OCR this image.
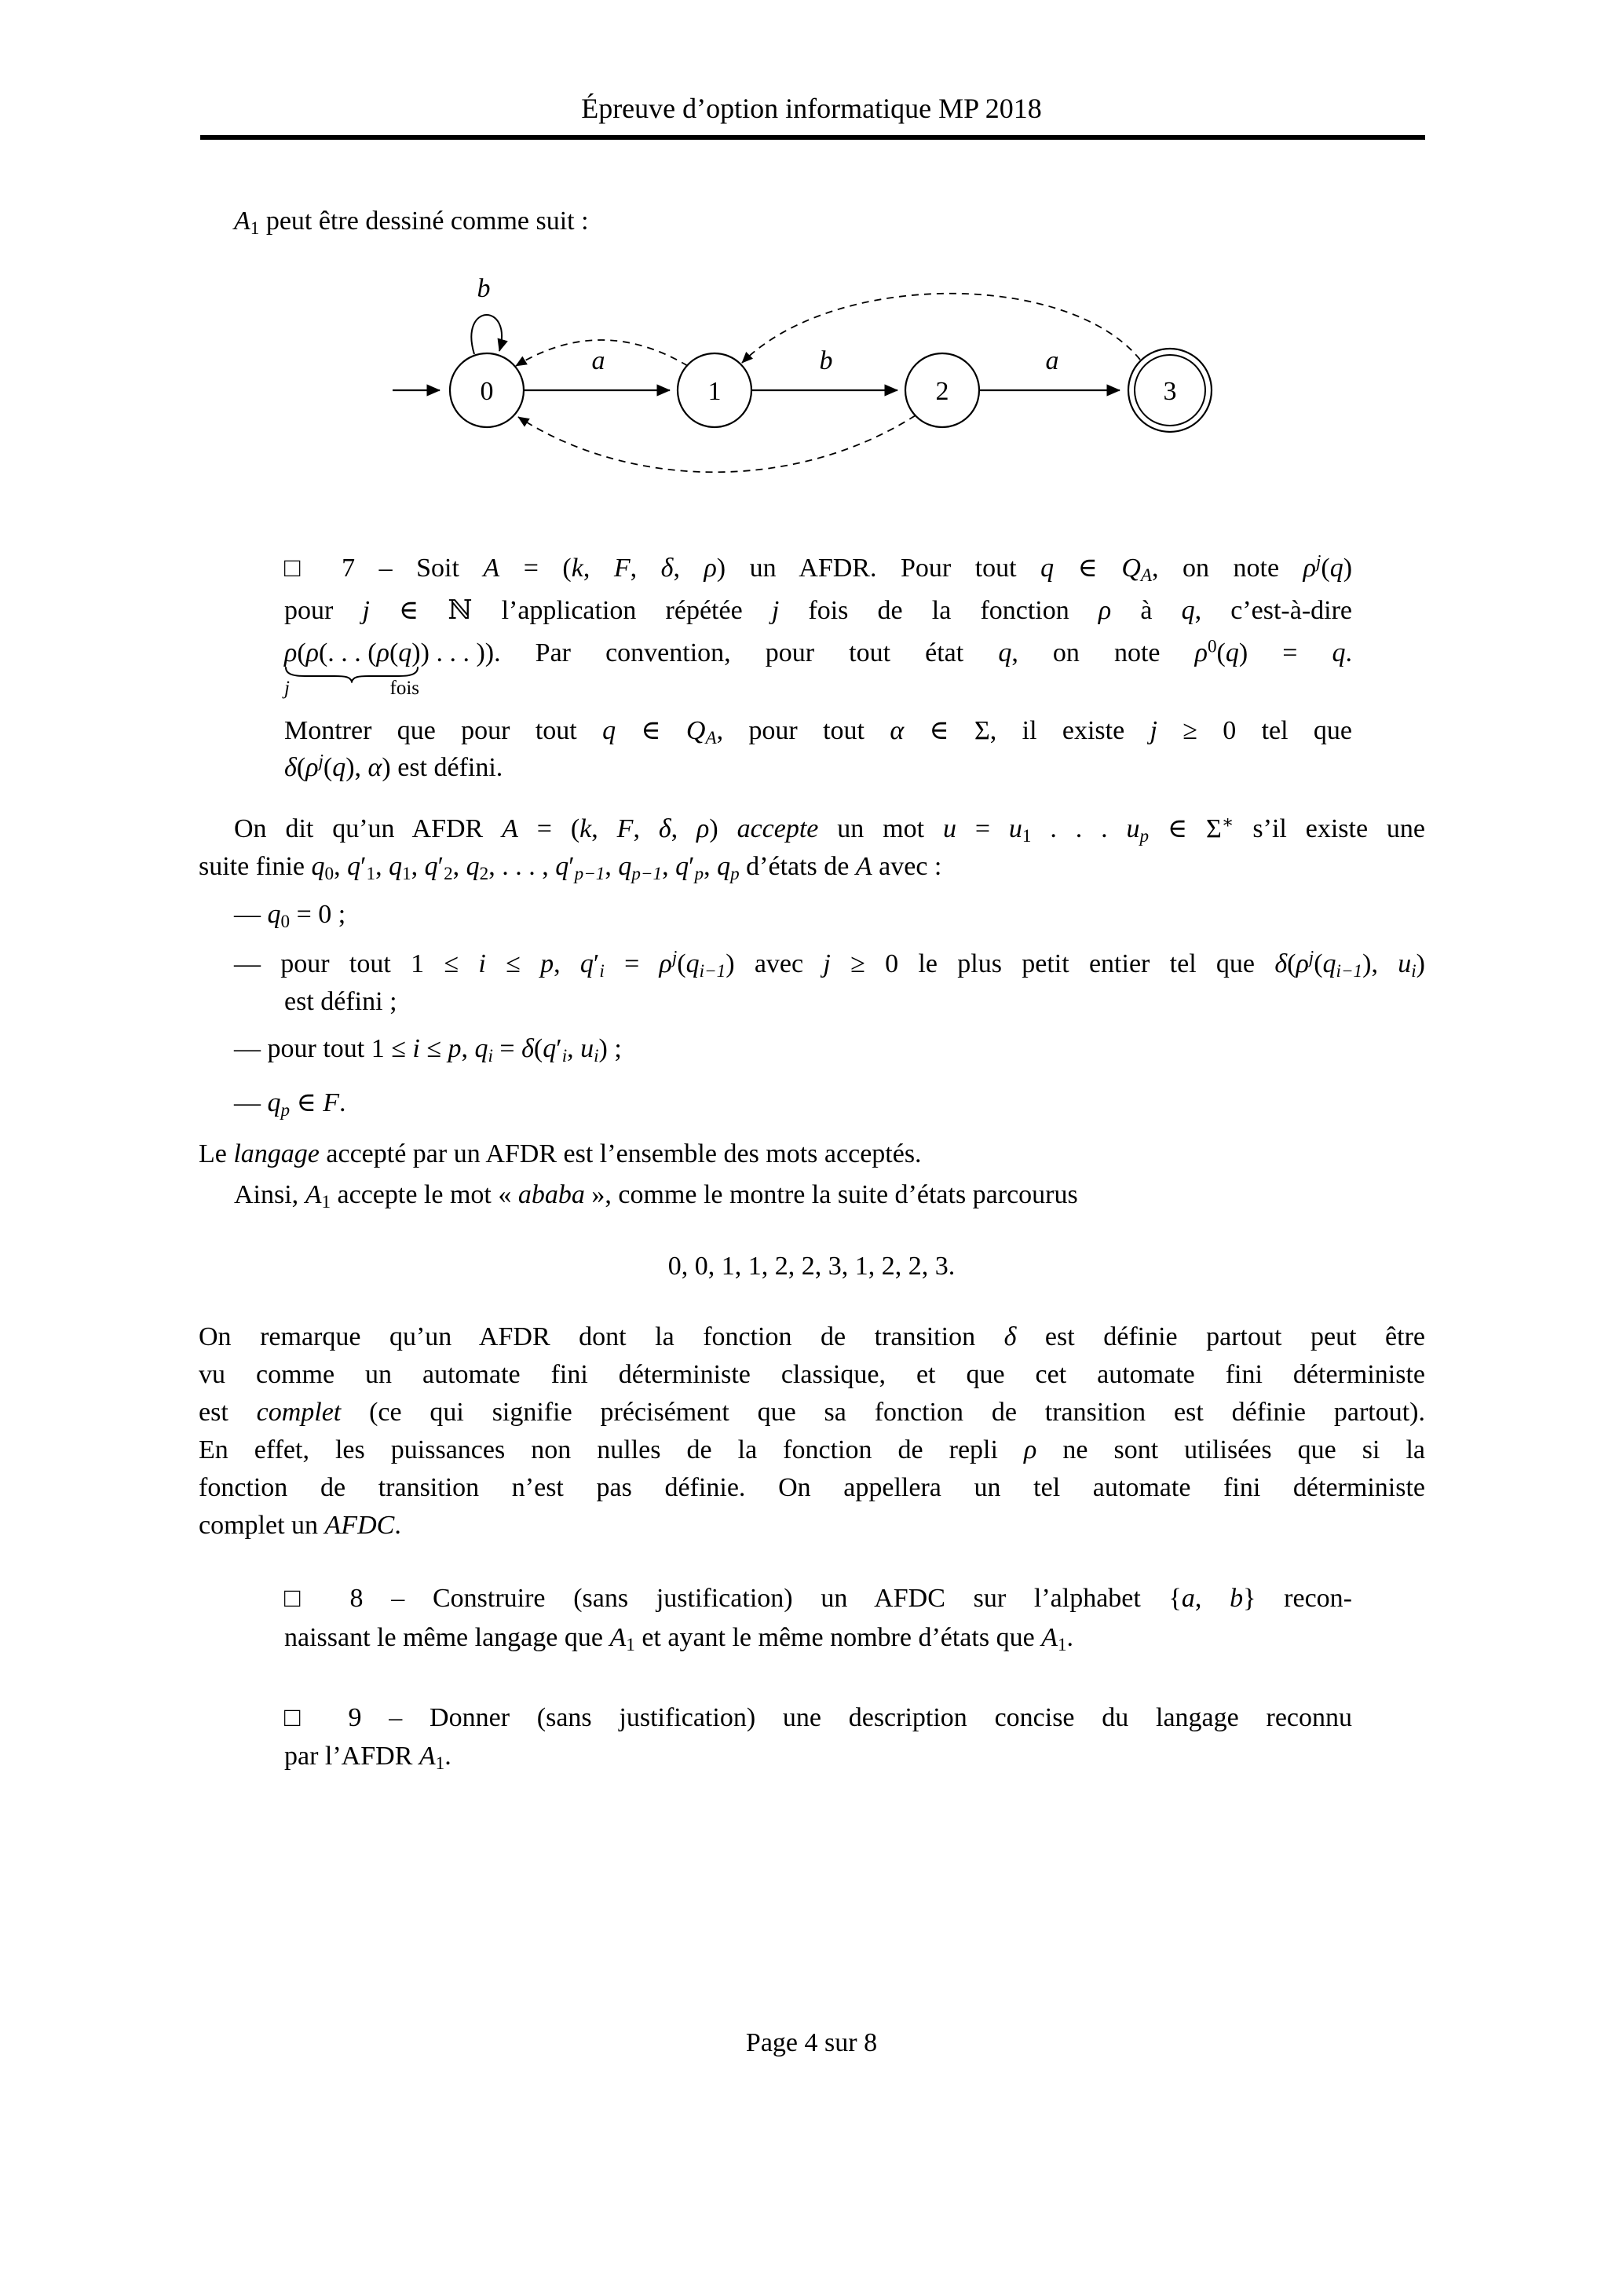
Épreuve d’option informatique MP 2018
$A_1$ peut être dessiné comme suit :
b
a	b	a
0	1	2	3
□ 7 – Soit A = (k, F, δ, ρ) un AFDR. Pour tout q ∈ $Q_A$, on note $\rho^j(q)$
pour j ∈ ℕ l’application répétée j fois de la fonction ρ à q, c’est-à-dire
ρ(ρ(. . . (ρ(q)) . . . ))
j fois
. Par convention, pour tout état q, on note $\rho^0(q) = q$.
Montrer que pour tout q ∈ $Q_A$, pour tout α ∈ Σ, il existe j ≥ 0 tel que
$\delta(\rho^j(q)$, α) est défini.
On dit qu’un AFDR A = (k, F, δ, ρ) accepte un mot $u = u_1$ . . . $u_p$ ∈ Σ∗ s’il existe une
suite finie $q_0$, $q'_1$, $q_1$, $q'_2$, $q_2$, . . . , $q'_{p-1}$, $q_{p-1}$, $q'_p$, $q_p$ d’états de A avec :
— $q_0 = 0$ ;
— pour tout 1 ≤ i ≤ p, $q'_i = \rho^j(q_{i-1})$ avec j ≥ 0 le plus petit entier tel que $\delta(\rho^j(q_{i-1})$, $u_i$)
est défini ;
— pour tout 1 ≤ i ≤ p, $q_i = \delta(q'_i$, $u_i$) ;
— $q_p$ ∈ F.
Le langage accepté par un AFDR est l’ensemble des mots acceptés.
Ainsi, $A_1$ accepte le mot « ababa », comme le montre la suite d’états parcourus
0, 0, 1, 1, 2, 2, 3, 1, 2, 2, 3.
On remarque qu’un AFDR dont la fonction de transition δ est définie partout peut être
vu comme un automate fini déterministe classique, et que cet automate fini déterministe
est complet (ce qui signifie précisément que sa fonction de transition est définie partout).
En effet, les puissances non nulles de la fonction de repli ρ ne sont utilisées que si la
fonction de transition n’est pas définie. On appellera un tel automate fini déterministe
complet un AFDC.
□ 8 – Construire (sans justification) un AFDC sur l’alphabet {a, b} recon-
naissant le même langage que $A_1$ et ayant le même nombre d’états que $A_1$.
□ 9 – Donner (sans justification) une description concise du langage reconnu
par l’AFDR $A_1$.
Page 4 sur 8
